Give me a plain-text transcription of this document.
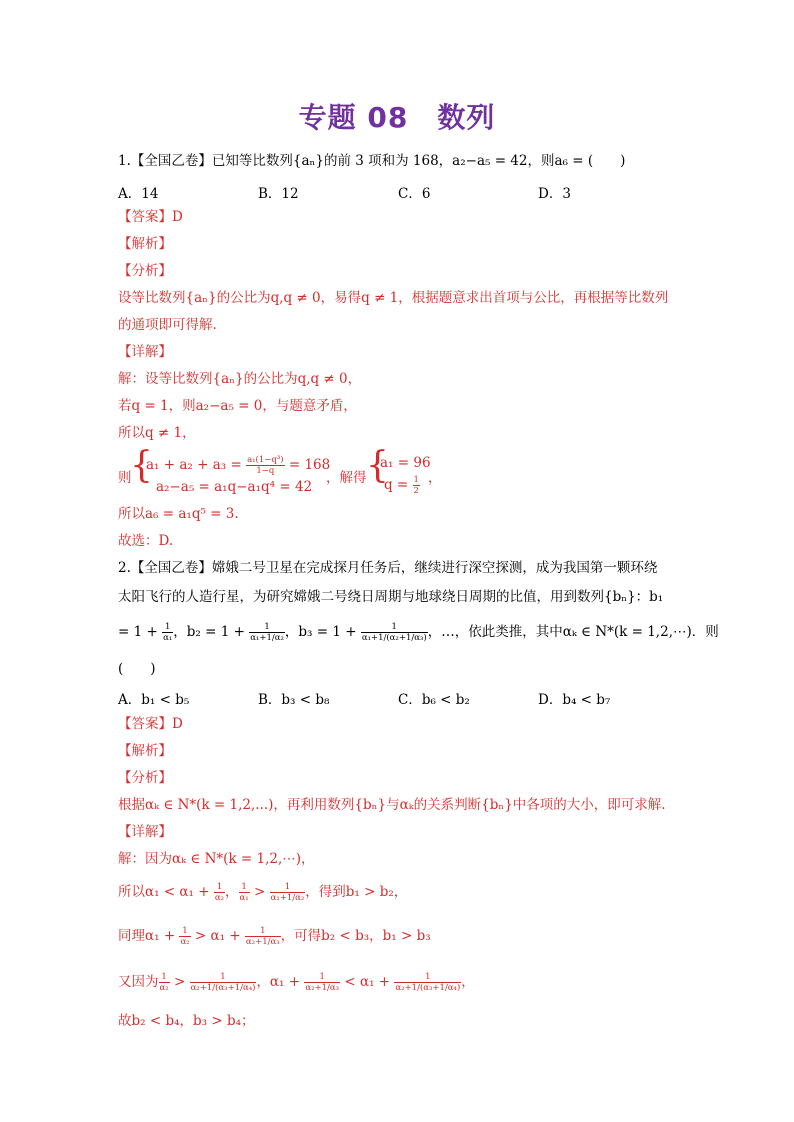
专题 08　数列
1.【全国乙卷】已知等比数列{aₙ}的前 3 项和为 168，a₂−a₅ = 42，则a₆ = (　　)
A．14	B．12	C．6	D．3
【答案】D
【解析】
【分析】
设等比数列{aₙ}的公比为q,q ≠ 0，易得q ≠ 1，根据题意求出首项与公比，再根据等比数列
的通项即可得解.
【详解】
解：设等比数列{aₙ}的公比为q,q ≠ 0，
若q = 1，则a₂−a₅ = 0，与题意矛盾，
所以q ≠ 1，
则
{
$a_1 + a_2 + a_3 = \frac{\text{a₁(1−q³)}}{1-q} = 168$
a₂−a₅ = a₁q−a₁q⁴ = 42
，解得 {
a₁ = 96
$q = \frac{1}{2}$ ，
所以a₆ = a₁q⁵ = 3.
故选：D.
2.【全国乙卷】嫦娥二号卫星在完成探月任务后，继续进行深空探测，成为我国第一颗环绕
太阳飞行的人造行星，为研究嫦娥二号绕日周期与地球绕日周期的比值，用到数列{bₙ}：b₁
= $1 + \frac{1}{\text{α₁}}$ ，$b_2 = 1 + \frac{1}{\text{α₁+1/α₂}}$ ，$b_3 = 1 + \frac{1}{\text{α₁+1/(α₂+1/α₃)}}$ ，…，依此类推，其中αₖ ∈ N*(k = 1,2,⋯)．则
(　　)
A．b₁ < b₅	B．b₃ < b₈	C．b₆ < b₂	D．b₄ < b₇
【答案】D
【解析】
【分析】
根据αₖ ∈ N*(k = 1,2,...)，再利用数列{bₙ}与αₖ的关系判断{bₙ}中各项的大小，即可求解.
【详解】
解：因为αₖ ∈ N*(k = 1,2,⋯)，
所以$\alpha_1 < \alpha_1 + \frac{1}{\text{α₂}}$ ， $\frac{1}{\text{α₁}} > \frac{1}{\text{α₁+1/α₂}}$ ，得到b₁ > b₂，
同理$\alpha_1 + \frac{1}{\text{α₂}} > \alpha_1 + \frac{1}{\text{α₂+1/α₃}}$ ，可得b₂ < b₃，b₁ > b₃
又因为 $\frac{1}{\text{α₂}} > \frac{1}{\text{α₂+1/(α₃+1/α₄)}}$ ，$\alpha_1 + \frac{1}{\text{α₂+1/α₃}} < \alpha_1 + \frac{1}{\text{α₂+1/(α₃+1/α₄)}}$ ，
故b₂ < b₄，b₃ > b₄；
